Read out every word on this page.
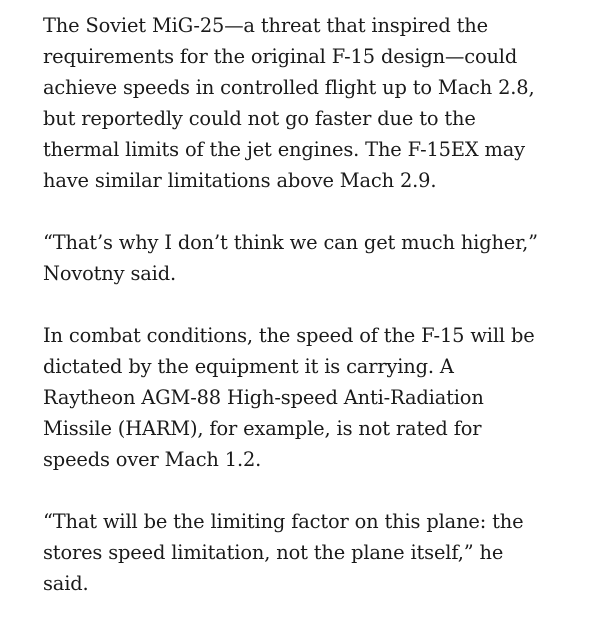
The Soviet MiG-25—a threat that inspired the
requirements for the original F-15 design—could
achieve speeds in controlled flight up to Mach 2.8,
but reportedly could not go faster due to the
thermal limits of the jet engines. The F-15EX may
have similar limitations above Mach 2.9.

“That’s why I don’t think we can get much higher,”
Novotny said.

In combat conditions, the speed of the F-15 will be
dictated by the equipment it is carrying. A
Raytheon AGM-88 High-speed Anti-Radiation
Missile (HARM), for example, is not rated for
speeds over Mach 1.2.

“That will be the limiting factor on this plane: the
stores speed limitation, not the plane itself,” he
said.
